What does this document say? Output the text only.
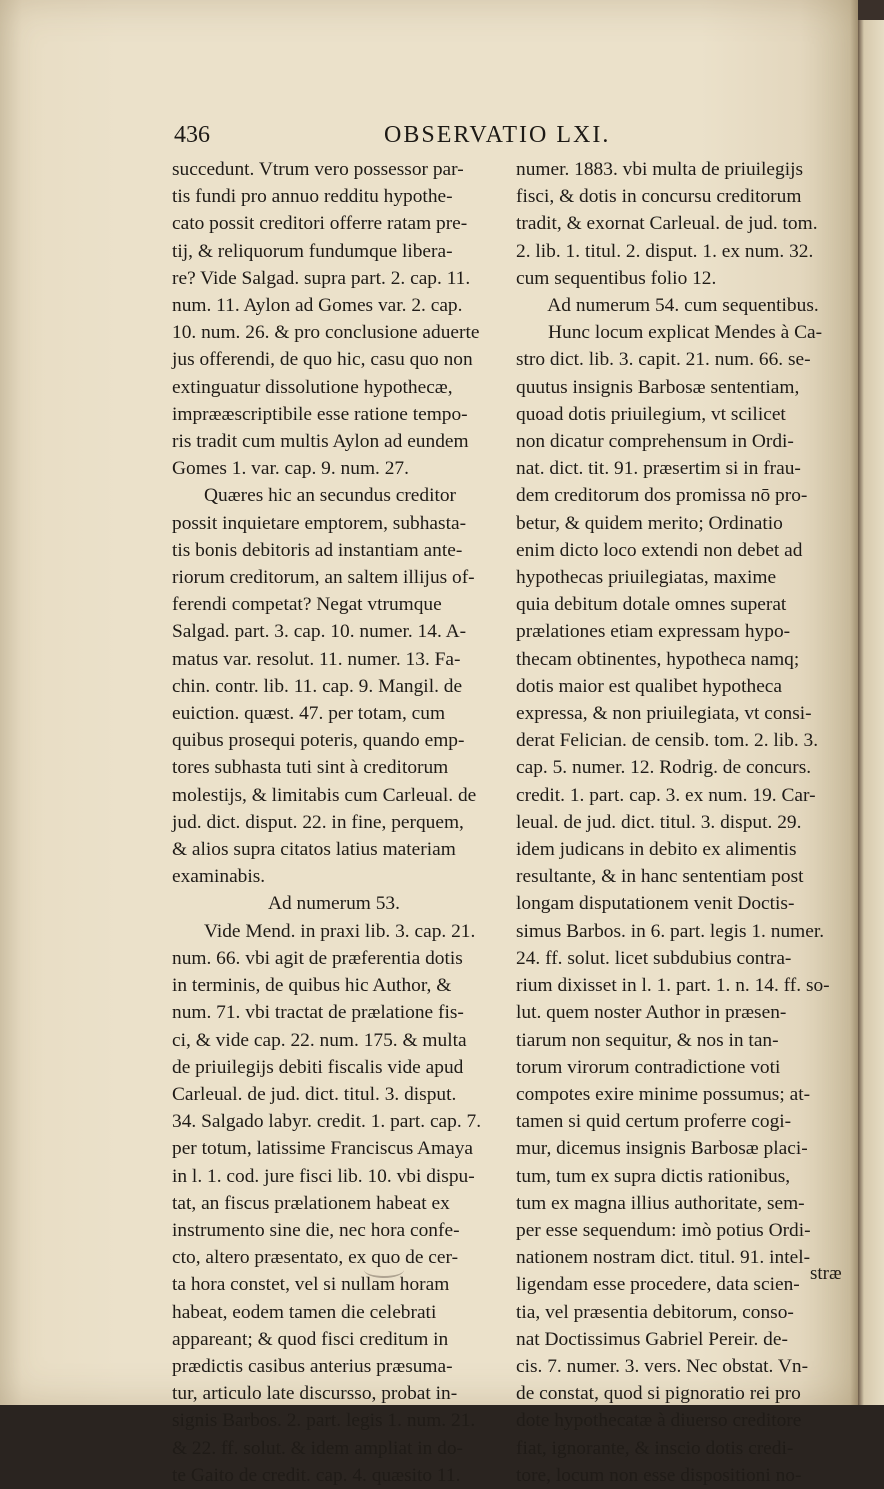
436	OBSERVATIO LXI.

succedunt. Vtrum vero possessor par-

tis fundi pro annuo redditu hypothe-

cato possit creditori offerre ratam pre-

tij, & reliquorum fundumque libera-

re? Vide Salgad. supra part. 2. cap. 11.

num. 11. Aylon ad Gomes var. 2. cap.

10. num. 26. & pro conclusione aduerte

jus offerendi, de quo hic, casu quo non

extinguatur dissolutione hypothecæ,

imprææscriptibile esse ratione tempo-

ris tradit cum multis Aylon ad eundem

Gomes 1. var. cap. 9. num. 27.

Quæres hic an secundus creditor

possit inquietare emptorem, subhasta-

tis bonis debitoris ad instantiam ante-

riorum creditorum, an saltem illijus of-

ferendi competat? Negat vtrumque

Salgad. part. 3. cap. 10. numer. 14. A-

matus var. resolut. 11. numer. 13. Fa-

chin. contr. lib. 11. cap. 9. Mangil. de

euiction. quæst. 47. per totam, cum

quibus prosequi poteris, quando emp-

tores subhasta tuti sint à creditorum

molestijs, & limitabis cum Carleual. de

jud. dict. disput. 22. in fine, perquem,

& alios supra citatos latius materiam

examinabis.

Ad numerum 53.

Vide Mend. in praxi lib. 3. cap. 21.

num. 66. vbi agit de præferentia dotis

in terminis, de quibus hic Author, &

num. 71. vbi tractat de prælatione fis-

ci, & vide cap. 22. num. 175. & multa

de priuilegijs debiti fiscalis vide apud

Carleual. de jud. dict. titul. 3. disput.

34. Salgado labyr. credit. 1. part. cap. 7.

per totum, latissime Franciscus Amaya

in l. 1. cod. jure fisci lib. 10. vbi dispu-

tat, an fiscus prælationem habeat ex

instrumento sine die, nec hora confe-

cto, altero præsentato, ex quo de cer-

ta hora constet, vel si nullam horam

habeat, eodem tamen die celebrati

appareant; & quod fisci creditum in

prædictis casibus anterius præsuma-

tur, articulo late discursso, probat in-

signis Barbos. 2. part. legis 1. num. 21.

& 22. ff. solut. & idem ampliat in do-

te Gaito de credit. cap. 4. quæsito 11.

numer. 1883. vbi multa de priuilegijs

fisci, & dotis in concursu creditorum

tradit, & exornat Carleual. de jud. tom.

2. lib. 1. titul. 2. disput. 1. ex num. 32.

cum sequentibus folio 12.

Ad numerum 54. cum sequentibus.

Hunc locum explicat Mendes à Ca-

stro dict. lib. 3. capit. 21. num. 66. se-

quutus insignis Barbosæ sententiam,

quoad dotis priuilegium, vt scilicet

non dicatur comprehensum in Ordi-

nat. dict. tit. 91. præsertim si in frau-

dem creditorum dos promissa nō pro-

betur, & quidem merito; Ordinatio

enim dicto loco extendi non debet ad

hypothecas priuilegiatas, maxime

quia debitum dotale omnes superat

prælationes etiam expressam hypo-

thecam obtinentes, hypotheca namq;

dotis maior est qualibet hypotheca

expressa, & non priuilegiata, vt consi-

derat Felician. de censib. tom. 2. lib. 3.

cap. 5. numer. 12. Rodrig. de concurs.

credit. 1. part. cap. 3. ex num. 19. Car-

leual. de jud. dict. titul. 3. disput. 29.

idem judicans in debito ex alimentis

resultante, & in hanc sententiam post

longam disputationem venit Doctis-

simus Barbos. in 6. part. legis 1. numer.

24. ff. solut. licet subdubius contra-

rium dixisset in l. 1. part. 1. n. 14. ff. so-

lut. quem noster Author in præsen-

tiarum non sequitur, & nos in tan-

torum virorum contradictione voti

compotes exire minime possumus; at-

tamen si quid certum proferre cogi-

mur, dicemus insignis Barbosæ placi-

tum, tum ex supra dictis rationibus,

tum ex magna illius authoritate, sem-

per esse sequendum: imò potius Ordi-

nationem nostram dict. titul. 91. intel-

ligendam esse procedere, data scien-

tia, vel præsentia debitorum, conso-

nat Doctissimus Gabriel Pereir. de-

cis. 7. numer. 3. vers. Nec obstat. Vn-

de constat, quod si pignoratio rei pro

dote hypothecatæ à diuerso creditore

fiat, ignorante, & inscio dotis credi-

tore, locum non esse dispositioni no-

stræ
